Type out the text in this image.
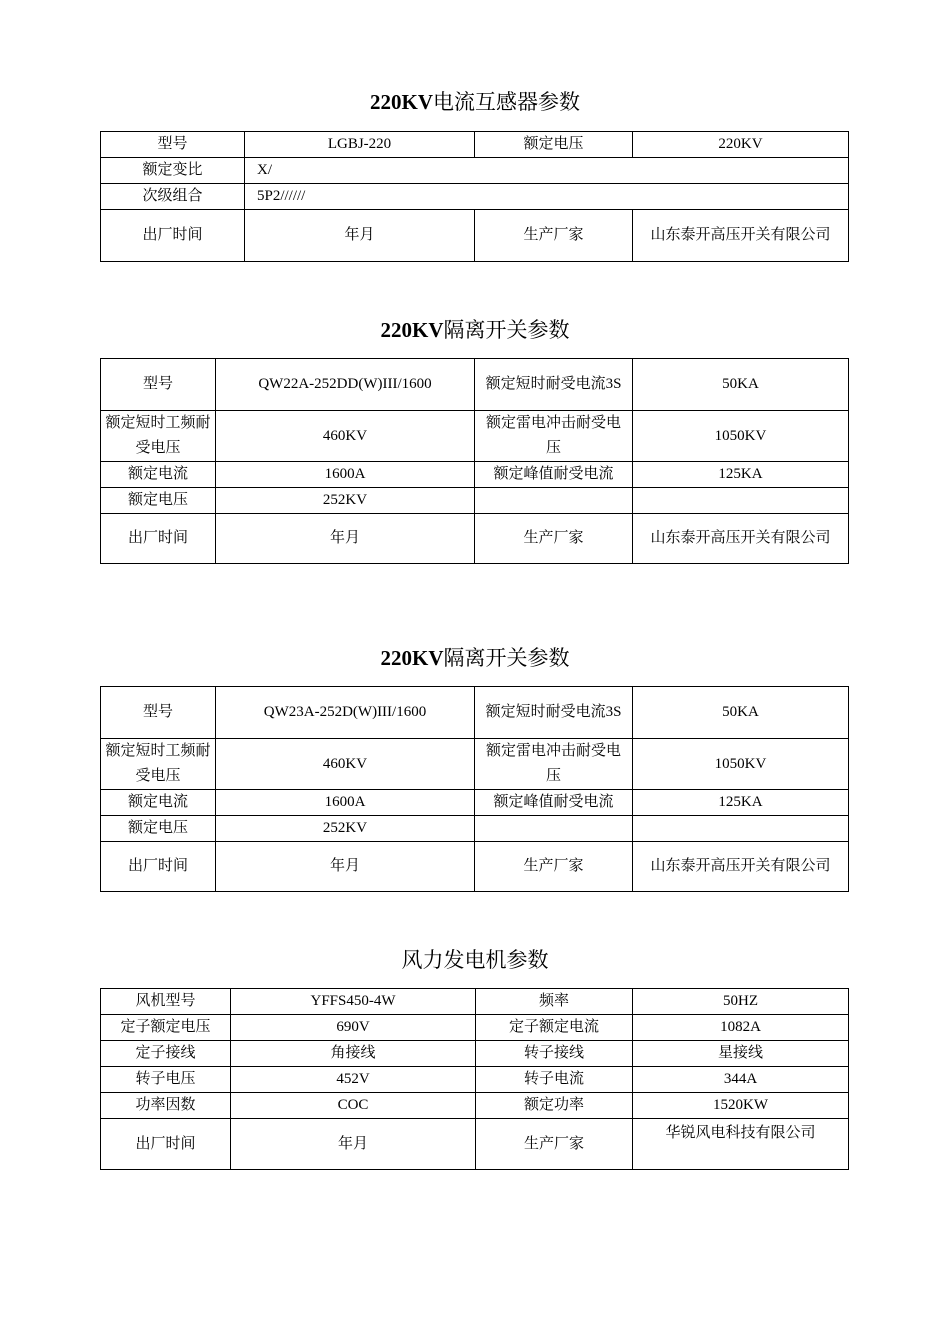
220KV电流互感器参数
型号	LGBJ-220	额定电压	220KV
额定变比	X/		
次级组合	5P2//////		
出厂时间	年月	生产厂家	山东泰开高压开关有限公司
220KV隔离开关参数
型号	QW22A-252DD(W)III/1600	额定短时耐受电流3S	50KA
额定短时工频耐受电压	460KV	额定雷电冲击耐受电压	1050KV
额定电流	1600A	额定峰值耐受电流	125KA
额定电压	252KV		
出厂时间	年月	生产厂家	山东泰开高压开关有限公司
220KV隔离开关参数
型号	QW23A-252D(W)III/1600	额定短时耐受电流3S	50KA
额定短时工频耐受电压	460KV	额定雷电冲击耐受电压	1050KV
额定电流	1600A	额定峰值耐受电流	125KA
额定电压	252KV		
出厂时间	年月	生产厂家	山东泰开高压开关有限公司
风力发电机参数
风机型号	YFFS450-4W	频率	50HZ
定子额定电压	690V	定子额定电流	1082A
定子接线	角接线	转子接线	星接线
转子电压	452V	转子电流	344A
功率因数	COC	额定功率	1520KW
出厂时间	年月	生产厂家	华锐风电科技有限公司
